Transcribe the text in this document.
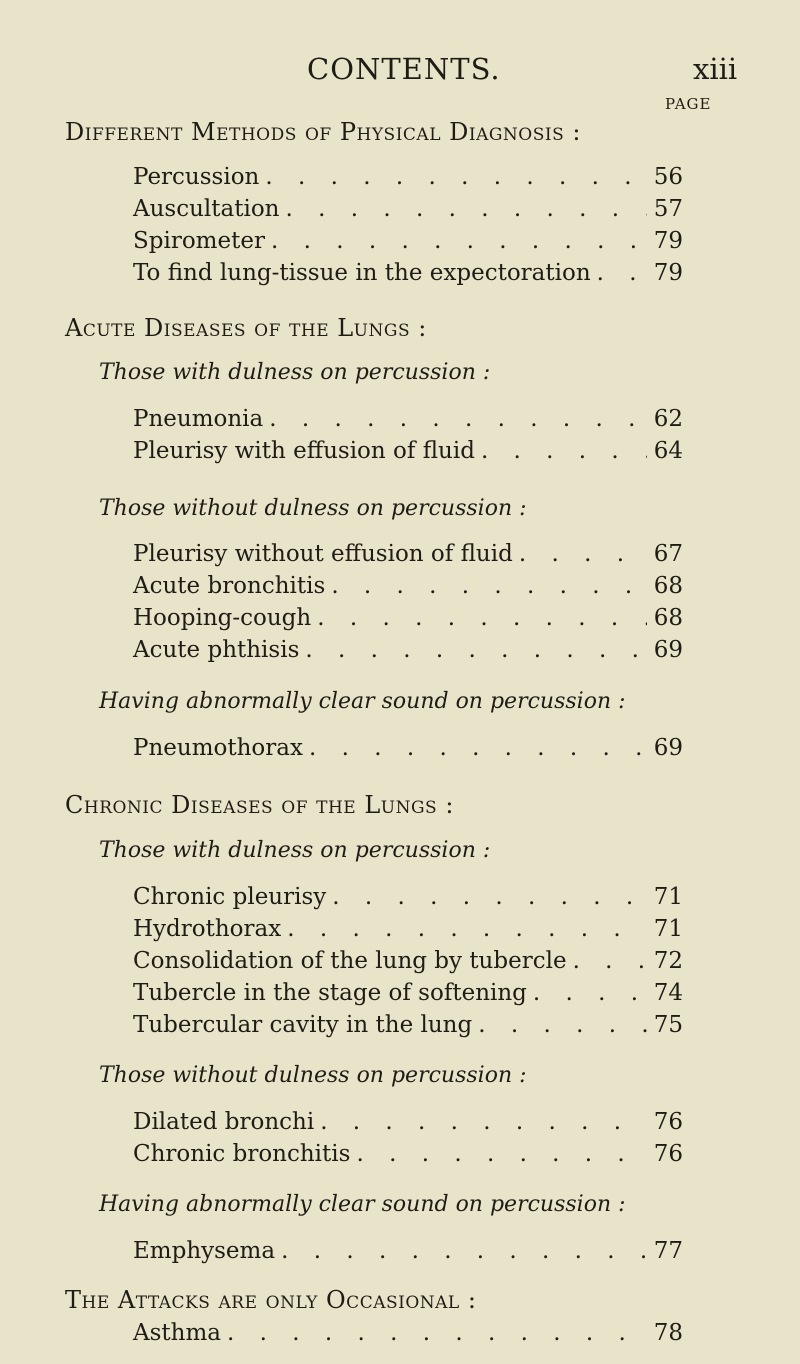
CONTENTS.	xiii
PAGE
Different Methods of Physical Diagnosis :
Percussion . . .	56
Auscultation . . .	57
Spirometer . . .	79
To find lung-tissue in the expectoration . . .	79
Acute Diseases of the Lungs :
Those with dulness on percussion :
Pneumonia . . .	62
Pleurisy with effusion of fluid . . .	64
Those without dulness on percussion :
Pleurisy without effusion of fluid . . .	67
Acute bronchitis . . .	68
Hooping-cough . . .	68
Acute phthisis . . .	69
Having abnormally clear sound on percussion :
Pneumothorax . . .	69
Chronic Diseases of the Lungs :
Those with dulness on percussion :
Chronic pleurisy . . .	71
Hydrothorax . . .	71
Consolidation of the lung by tubercle . . .	72
Tubercle in the stage of softening . . .	74
Tubercular cavity in the lung . . .	75
Those without dulness on percussion :
Dilated bronchi . . .	76
Chronic bronchitis . . .	76
Having abnormally clear sound on percussion :
Emphysema . . .	77
The Attacks are only Occasional :
Asthma . . .	78
